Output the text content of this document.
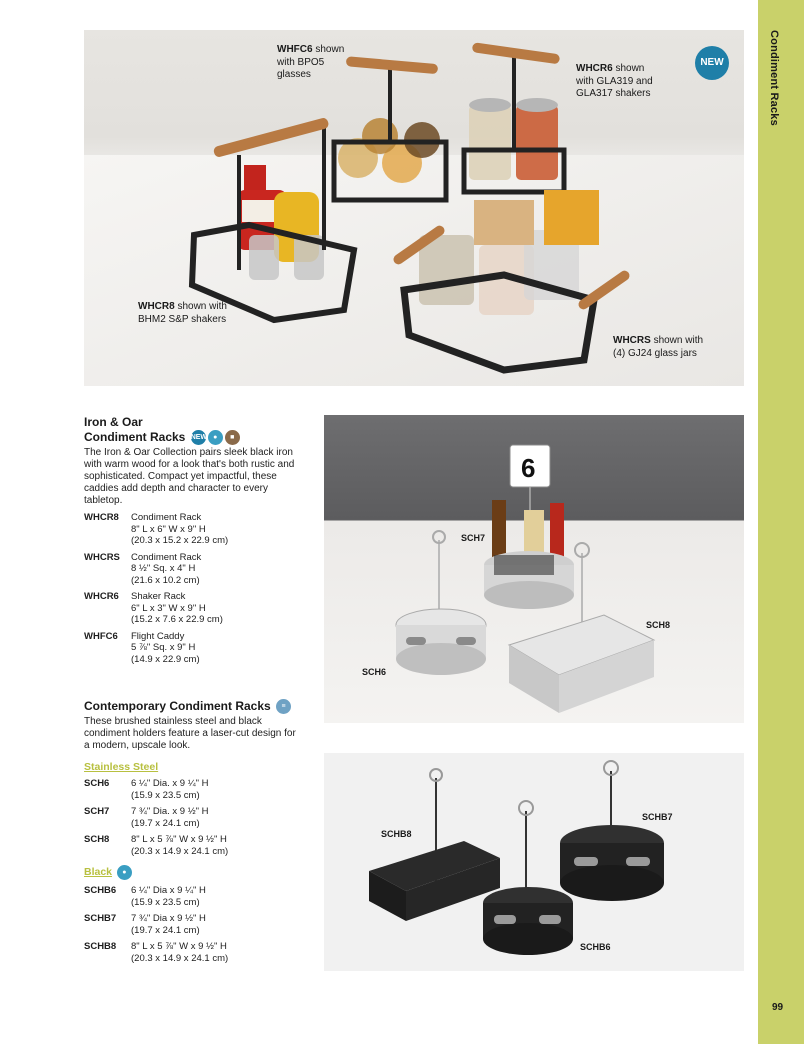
Condiment Racks
99
NEW
WHFC6 shown
with BPO5
glasses
WHCR6 shown
with GLA319 and
GLA317 shakers
WHCR8 shown with
BHM2 S&P shakers
WHCRS shown with
(4) GJ24 glass jars
Iron & Oar
Condiment Racks NEW ● ■
The Iron & Oar Collection pairs sleek black iron with warm wood for a look that's both rustic and sophisticated. Compact yet impactful, these caddies add depth and character to every tabletop.
WHCR8	Condiment Rack
8" L x 6" W x 9" H
(20.3 x 15.2 x 22.9 cm)
WHCRS	Condiment Rack
8 ½" Sq. x 4" H
(21.6 x 10.2 cm)
WHCR6	Shaker Rack
6" L x 3" W x 9" H
(15.2 x 7.6 x 22.9 cm)
WHFC6	Flight Caddy
5 ⅞" Sq. x 9" H
(14.9 x 22.9 cm)
Contemporary Condiment Racks ≡
These brushed stainless steel and black condiment holders feature a laser-cut design for a modern, upscale look.
Stainless Steel
SCH6	6 ¼" Dia. x 9 ¼" H
(15.9 x 23.5 cm)
SCH7	7 ¾" Dia. x 9 ½" H
(19.7 x 24.1 cm)
SCH8	8" L x 5 ⅞" W x 9 ½" H
(20.3 x 14.9 x 24.1 cm)
Black ●
SCHB6	6 ¼" Dia x 9 ¼" H
(15.9 x 23.5 cm)
SCHB7	7 ¾" Dia x 9 ½" H
(19.7 x 24.1 cm)
SCHB8	8" L x 5 ⅞" W x 9 ½" H
(20.3 x 14.9 x 24.1 cm)
6
SCH7
SCH8
SCH6
SCHB8
SCHB7
SCHB6
